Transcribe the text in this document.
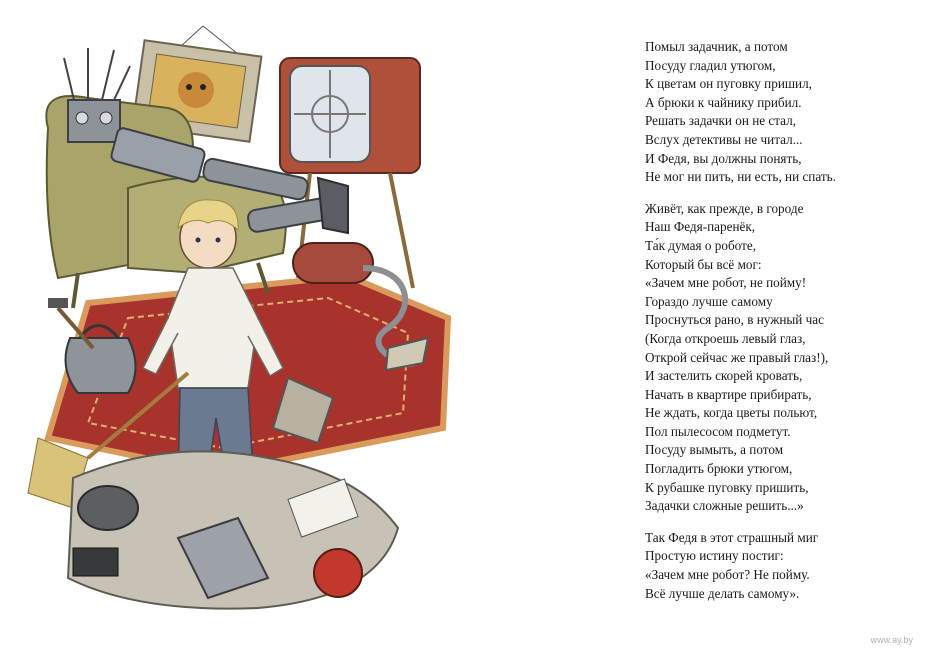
Помыл задачник, а потом
Посуду гладил утюгом,
К цветам он пуговку пришил,
А брюки к чайнику прибил.
Решать задачки он не стал,
Вслух детективы не читал...
И Федя, вы должны понять,
Не мог ни пить, ни есть, ни спать.
Живёт, как прежде, в городе
Наш Федя-паренёк,
Та́к думая о роботе,
Который бы всё мог:
«Зачем мне робот, не пойму!
Гораздо лучше самому
Проснуться рано, в нужный час
(Когда откроешь левый глаз,
Открой сейчас же правый глаз!),
И застелить скорей кровать,
Начать в квартире прибирать,
Не ждать, когда цветы польют,
Пол пылесосом подметут.
Посуду вымыть, а потом
Погладить брюки утюгом,
К рубашке пуговку пришить,
Задачки сложные решить...»
Так Федя в этот страшный миг
Простую истину постиг:
«Зачем мне робот? Не пойму.
Всё лучше делать самому».
www.ay.by
